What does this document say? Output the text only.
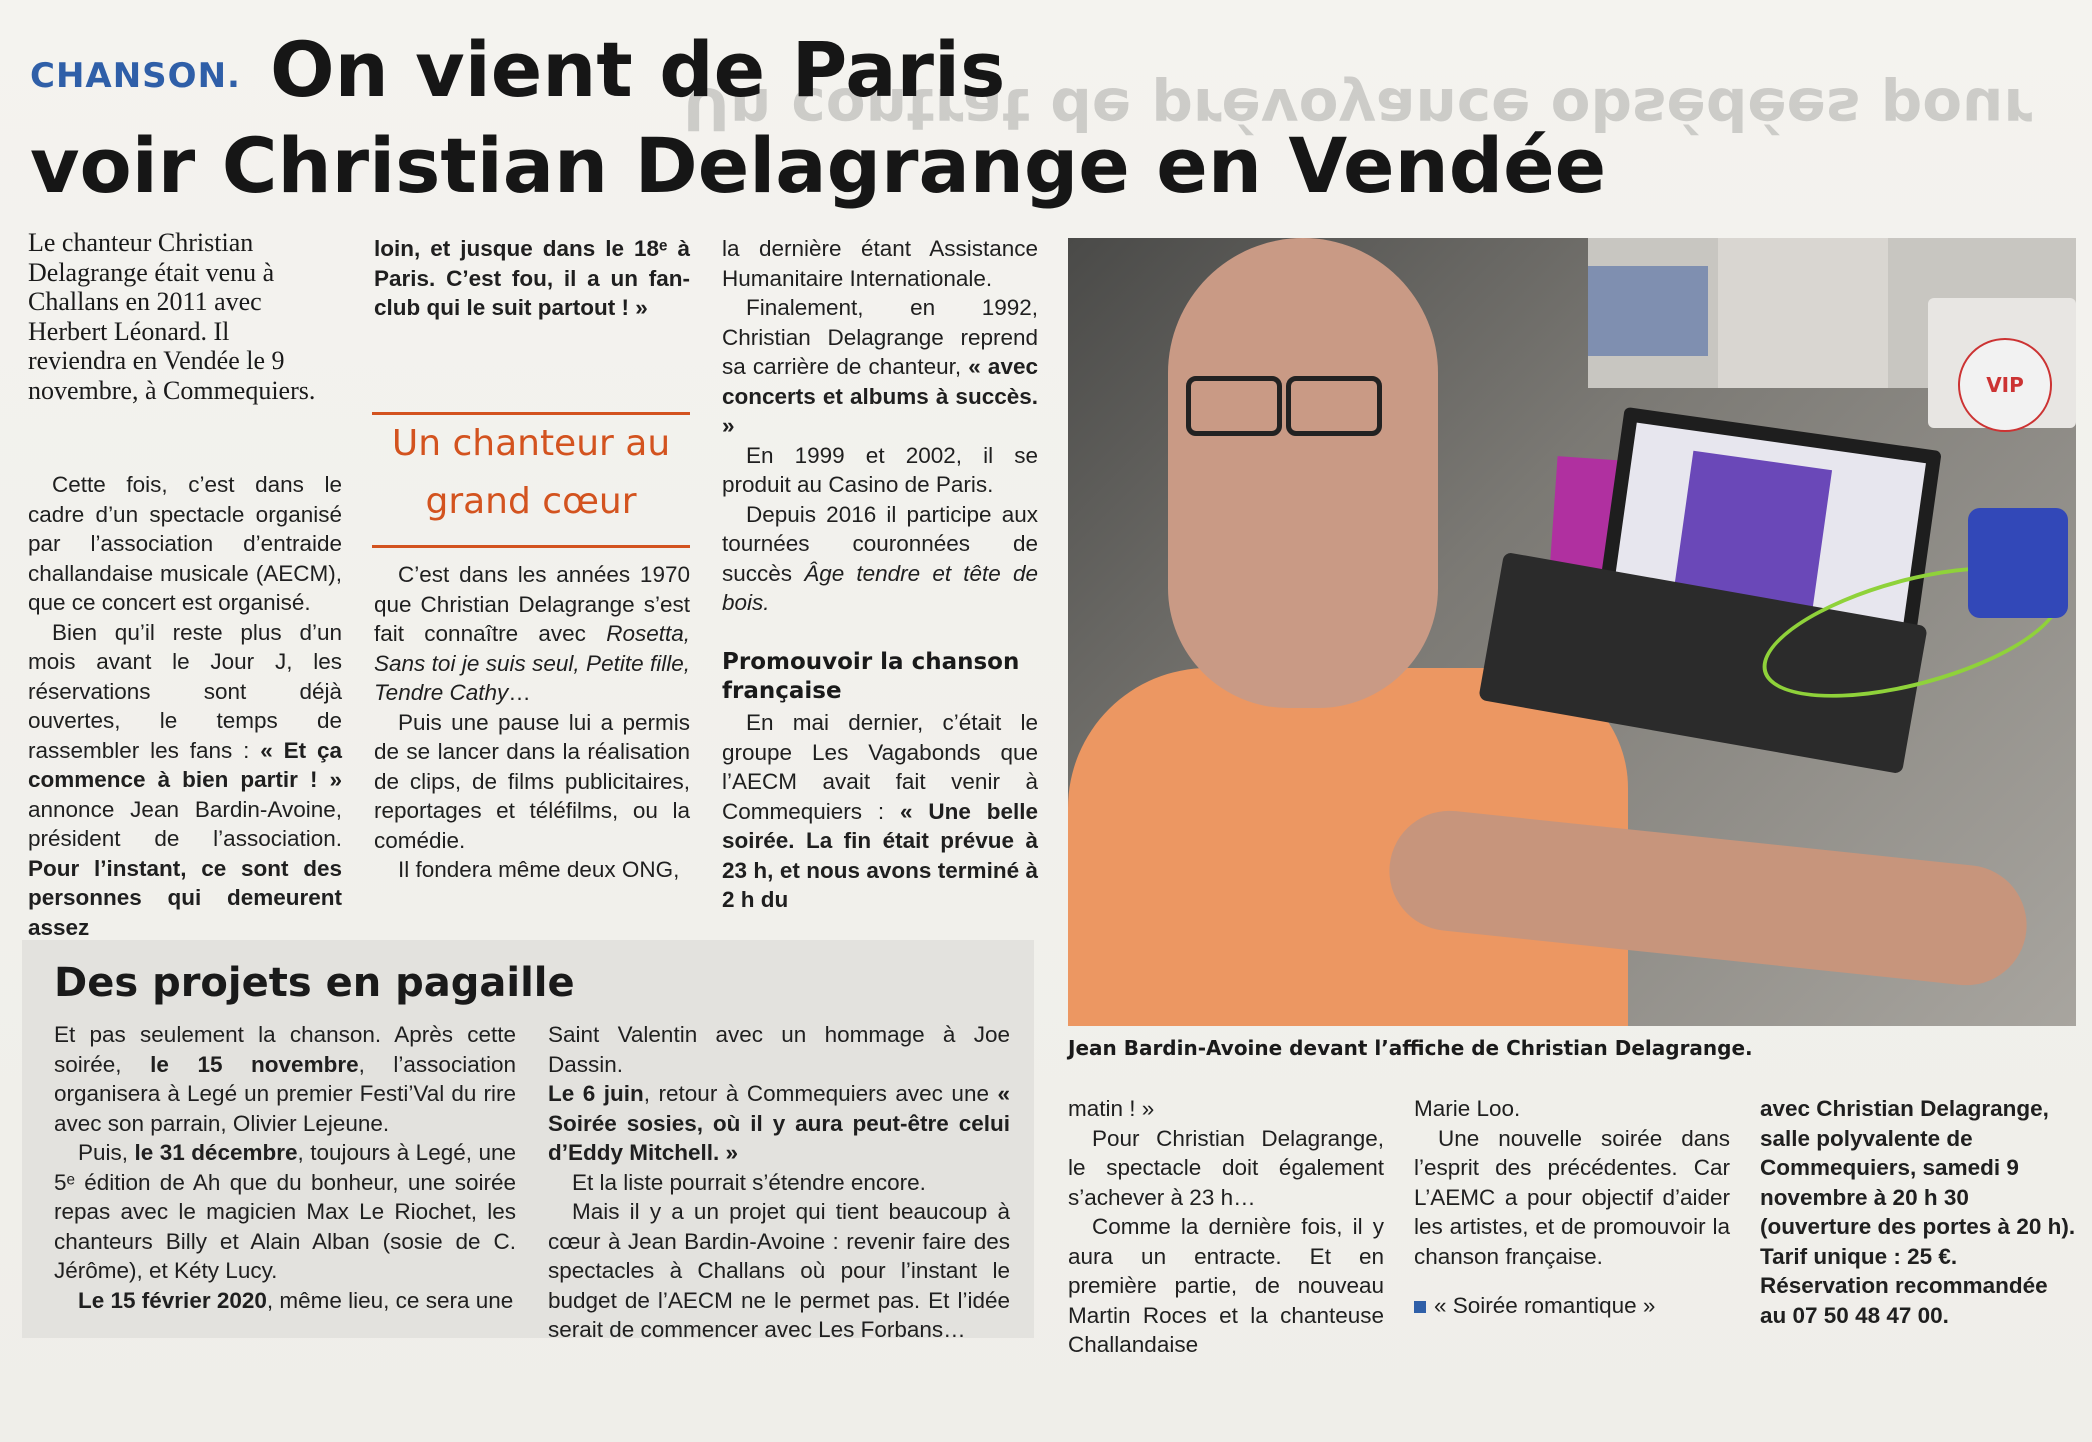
Un contrat de prévoyance obsédées pour
CHANSON. On vient de Paris
voir Christian Delagrange en Vendée

Le chanteur Christian Delagrange était venu à Challans en 2011 avec Herbert Léonard. Il reviendra en Vendée le 9 novembre, à Commequiers.

Cette fois, c’est dans le cadre d’un spectacle organisé par l’association d’entraide challandaise musicale (AECM), que ce concert est organisé.

Bien qu’il reste plus d’un mois avant le Jour J, les réservations sont déjà ouvertes, le temps de rassembler les fans : « Et ça commence à bien partir ! » annonce Jean Bardin-Avoine, président de l’association. Pour l’instant, ce sont des personnes qui demeurent assez

loin, et jusque dans le 18ᵉ à Paris. C’est fou, il a un fan-club qui le suit partout ! »

Un chanteur au grand cœur

C’est dans les années 1970 que Christian Delagrange s’est fait connaître avec Rosetta, Sans toi je suis seul, Petite fille, Tendre Cathy…

Puis une pause lui a permis de se lancer dans la réalisation de clips, de films publicitaires, reportages et téléfilms, ou la comédie.

Il fondera même deux ONG,

la dernière étant Assistance Humanitaire Internationale.

Finalement, en 1992, Christian Delagrange reprend sa carrière de chanteur, « avec concerts et albums à succès. »

En 1999 et 2002, il se produit au Casino de Paris.

Depuis 2016 il participe aux tournées couronnées de succès Âge tendre et tête de bois.

Promouvoir la chanson française

En mai dernier, c’était le groupe Les Vagabonds que l’AECM avait fait venir à Commequiers : « Une belle soirée. La fin était prévue à 23 h, et nous avons terminé à 2 h du

VIP
Jean Bardin-Avoine devant l’affiche de Christian Delagrange.
Des projets en pagaille

Et pas seulement la chanson. Après cette soirée, le 15 novembre, l’association organisera à Legé un premier Festi’Val du rire avec son parrain, Olivier Lejeune.

Puis, le 31 décembre, toujours à Legé, une 5ᵉ édition de Ah que du bonheur, une soirée repas avec le magicien Max Le Riochet, les chanteurs Billy et Alain Alban (sosie de C. Jérôme), et Kéty Lucy.

Le 15 février 2020, même lieu, ce sera une

Saint Valentin avec un hommage à Joe Dassin.

Le 6 juin, retour à Commequiers avec une « Soirée sosies, où il y aura peut-être celui d’Eddy Mitchell. »

Et la liste pourrait s’étendre encore.

Mais il y a un projet qui tient beaucoup à cœur à Jean Bardin-Avoine : revenir faire des spectacles à Challans où pour l’instant le budget de l’AECM ne le permet pas. Et l’idée serait de commencer avec Les Forbans…

matin ! »

Pour Christian Delagrange, le spectacle doit également s’achever à 23 h…

Comme la dernière fois, il y aura un entracte. Et en première partie, de nouveau Martin Roces et la chanteuse Challandaise

Marie Loo.

Une nouvelle soirée dans l’esprit des précédentes. Car L’AEMC a pour objectif d’aider les artistes, et de promouvoir la chanson française.

« Soirée romantique »

avec Christian Delagrange, salle polyvalente de Commequiers, samedi 9 novembre à 20 h 30 (ouverture des portes à 20 h). Tarif unique : 25 €. Réservation recommandée au 07 50 48 47 00.
